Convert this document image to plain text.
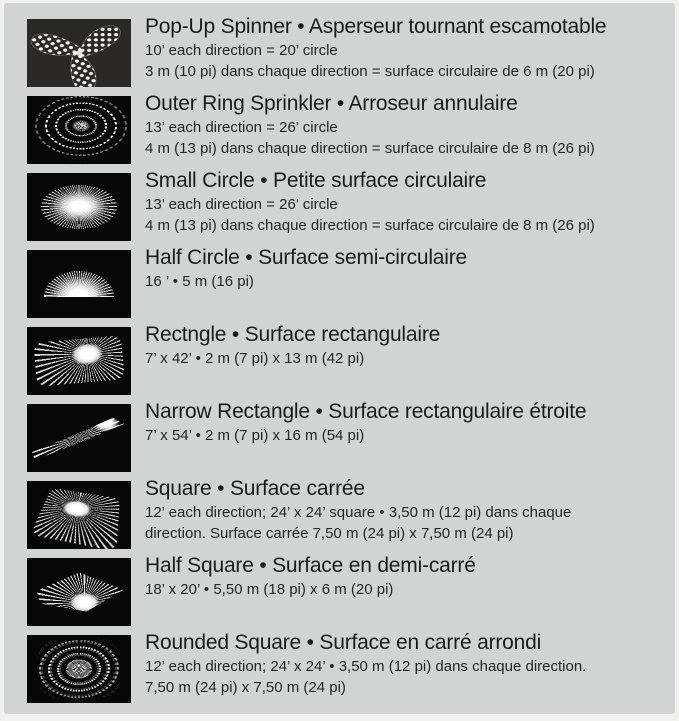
Pop-Up Spinner • Asperseur tournant escamotable
10’ each direction = 20’ circle
3 m (10 pi) dans chaque direction = surface circulaire de 6 m (20 pi)
Outer Ring Sprinkler • Arroseur annulaire
13’ each direction = 26’ circle
4 m (13 pi) dans chaque direction = surface circulaire de 8 m (26 pi)
Small Circle • Petite surface circulaire
13’ each direction = 26’ circle
4 m (13 pi) dans chaque direction = surface circulaire de 8 m (26 pi)
Half Circle • Surface semi-circulaire
16 ’ • 5 m (16 pi)
Rectngle • Surface rectangulaire
7’ x 42’ • 2 m (7 pi) x 13 m (42 pi)
Narrow Rectangle • Surface rectangulaire étroite
7’ x 54’ • 2 m (7 pi) x 16 m (54 pi)
Square • Surface carrée
12’ each direction; 24’ x 24’ square • 3,50 m (12 pi) dans chaque
direction. Surface carrée 7,50 m (24 pi) x 7,50 m (24 pi)
Half Square • Surface en demi-carré
18’ x 20’ • 5,50 m (18 pi) x 6 m (20 pi)
Rounded Square • Surface en carré arrondi
12’ each direction; 24’ x 24’ • 3,50 m (12 pi) dans chaque direction.
7,50 m (24 pi) x 7,50 m (24 pi)
